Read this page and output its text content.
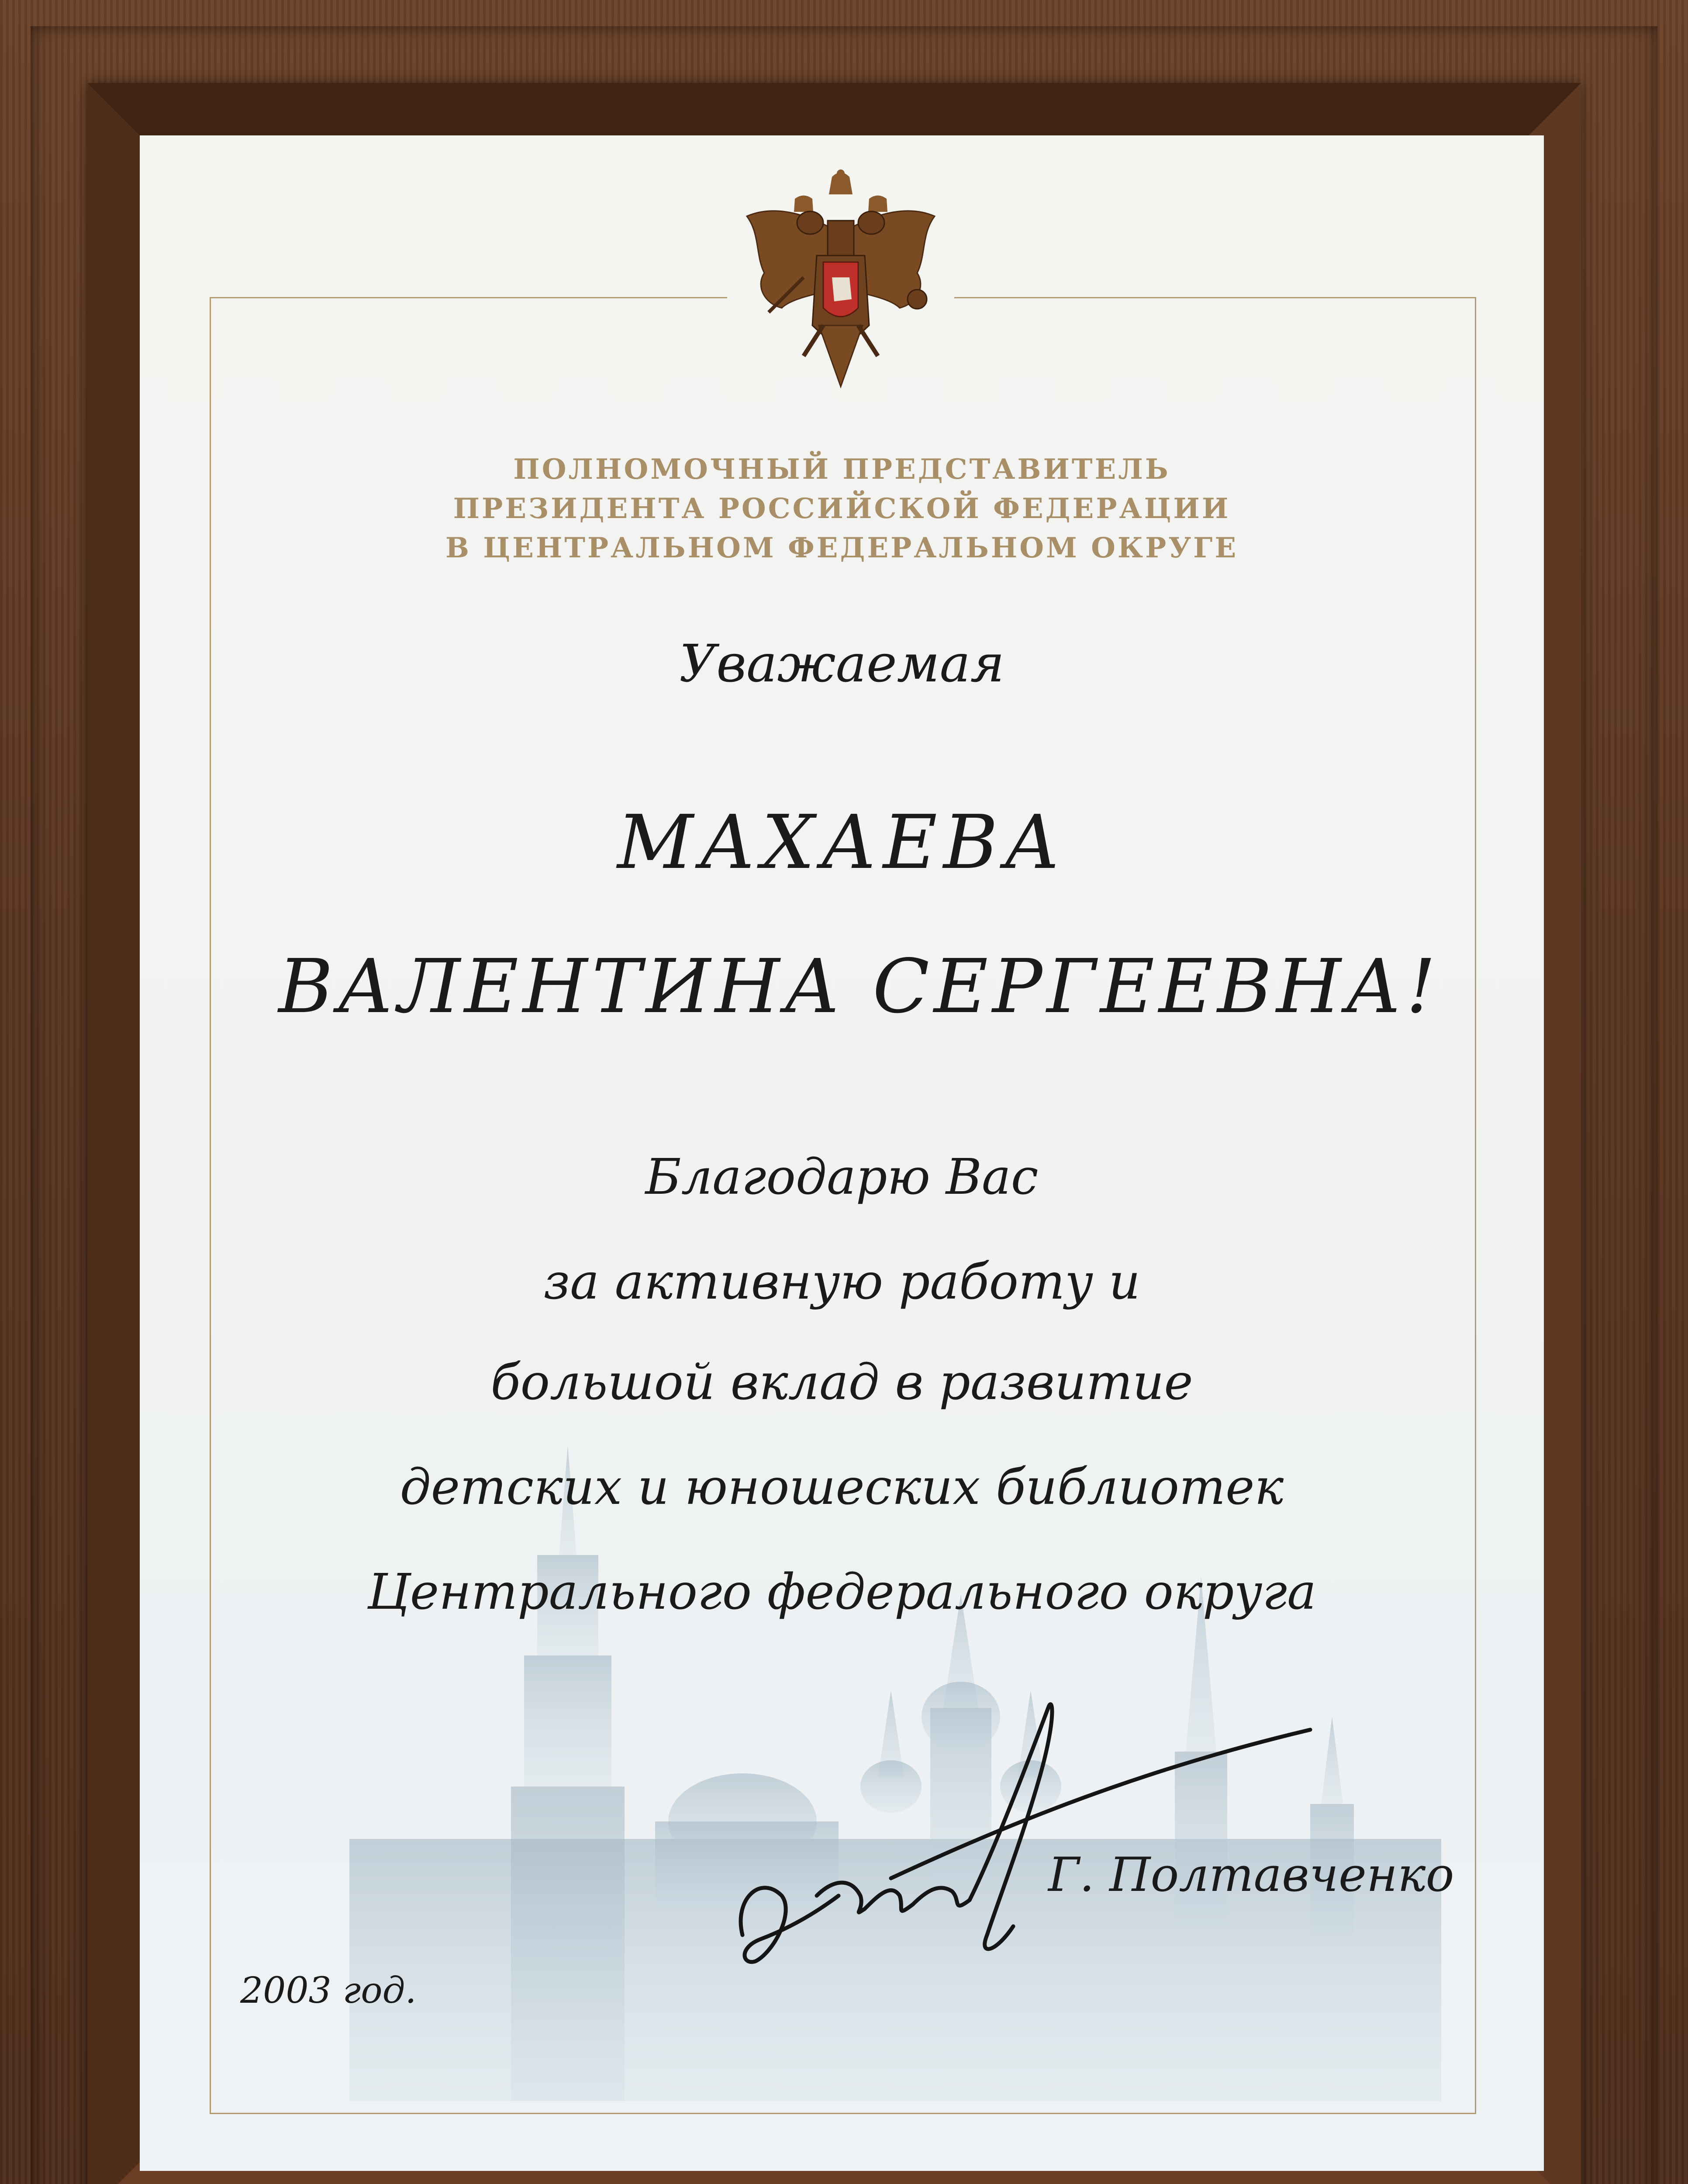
ПОЛНОМОЧНЫЙ ПРЕДСТАВИТЕЛЬ
ПРЕЗИДЕНТА РОССИЙСКОЙ ФЕДЕРАЦИИ
В ЦЕНТРАЛЬНОМ ФЕДЕРАЛЬНОМ ОКРУГЕ
Уважаемая
МАХАЕВА
ВАЛЕНТИНА СЕРГЕЕВНА!
Благодарю Вас
за активную работу и
большой вклад в развитие
детских и юношеских библиотек
Центрального федерального округа
Г. Полтавченко
2003 год.
